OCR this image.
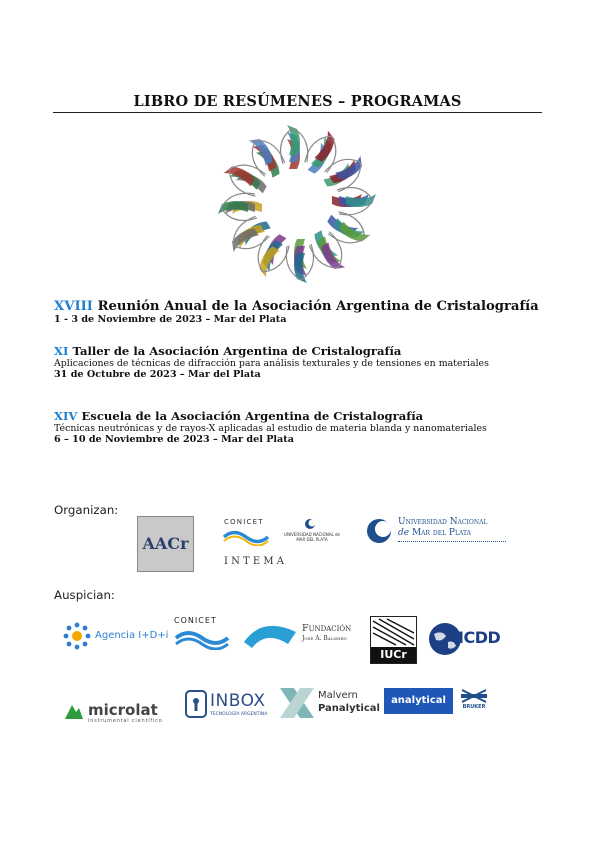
LIBRO DE RESÚMENES – PROGRAMAS
XVIII Reunión Anual de la Asociación Argentina de Cristalografía
1 - 3 de Noviembre de 2023 – Mar del Plata
XI Taller de la Asociación Argentina de Cristalografía
Aplicaciones de técnicas de difracción para análisis texturales y de tensiones en materiales
31 de Octubre de 2023 – Mar del Plata
XIV Escuela de la Asociación Argentina de Cristalografía
Técnicas neutrónicas y de rayos-X aplicadas al estudio de materia blanda y nanomateriales
6 – 10 de Noviembre de 2023 – Mar del Plata
Organizan:
AACr
CONICET
UNIVERSIDAD NACIONAL de MAR DEL PLATA
I N T E M A
Universidad Nacional
de Mar del Plata
Auspician:
Agencia I+D+i
CONICET
Fundación
José A. Balseiro
IUCr
ICDD
microlat
instrumental científico
INBOX
TECNOLOGÍA ARGENTINA
Malvern
Panalytical
analytical
BRUKER
